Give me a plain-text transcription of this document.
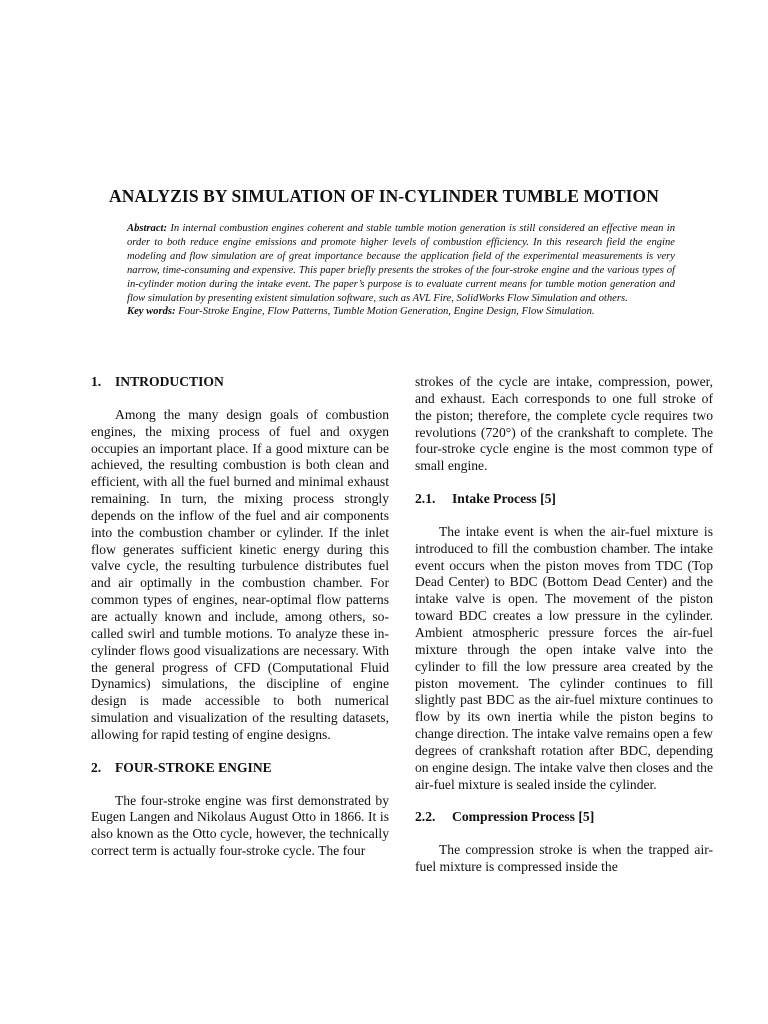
ANALYZIS BY SIMULATION OF IN-CYLINDER TUMBLE MOTION

Abstract: In internal combustion engines coherent and stable tumble motion generation is still considered an effective mean in order to both reduce engine emissions and promote higher levels of combustion efficiency. In this research field the engine modeling and flow simulation are of great importance because the application field of the experimental measurements is very narrow, time-consuming and expensive. This paper briefly presents the strokes of the four-stroke engine and the various types of in-cylinder motion during the intake event. The paper’s purpose is to evaluate current means for tumble motion generation and flow simulation by presenting existent simulation software, such as AVL Fire, SolidWorks Flow Simulation and others.

Key words: Four-Stroke Engine, Flow Patterns, Tumble Motion Generation, Engine Design, Flow Simulation.

1. INTRODUCTION

Among the many design goals of combustion engines, the mixing process of fuel and oxygen occupies an important place. If a good mixture can be achieved, the resulting combustion is both clean and efficient, with all the fuel burned and minimal exhaust remaining. In turn, the mixing process strongly depends on the inflow of the fuel and air components into the combustion chamber or cylinder. If the inlet flow generates sufficient kinetic energy during this valve cycle, the resulting turbulence distributes fuel and air optimally in the combustion chamber. For common types of engines, near-optimal flow patterns are actually known and include, among others, so-called swirl and tumble motions. To analyze these in-cylinder flows good visualizations are necessary. With the general progress of CFD (Computational Fluid Dynamics) simulations, the discipline of engine design is made accessible to both numerical simulation and visualization of the resulting datasets, allowing for rapid testing of engine designs.

2. FOUR-STROKE ENGINE

The four-stroke engine was first demonstrated by Eugen Langen and Nikolaus August Otto in 1866. It is also known as the Otto cycle, however, the technically correct term is actually four-stroke cycle. The four

strokes of the cycle are intake, compression, power, and exhaust. Each corresponds to one full stroke of the piston; therefore, the complete cycle requires two revolutions (720°) of the crankshaft to complete. The four-stroke cycle engine is the most common type of small engine.

2.1. Intake Process [5]

The intake event is when the air-fuel mixture is introduced to fill the combustion chamber. The intake event occurs when the piston moves from TDC (Top Dead Center) to BDC (Bottom Dead Center) and the intake valve is open. The movement of the piston toward BDC creates a low pressure in the cylinder. Ambient atmospheric pressure forces the air-fuel mixture through the open intake valve into the cylinder to fill the low pressure area created by the piston movement. The cylinder continues to fill slightly past BDC as the air-fuel mixture continues to flow by its own inertia while the piston begins to change direction. The intake valve remains open a few degrees of crankshaft rotation after BDC, depending on engine design. The intake valve then closes and the air-fuel mixture is sealed inside the cylinder.

2.2. Compression Process [5]

The compression stroke is when the trapped air-fuel mixture is compressed inside the
